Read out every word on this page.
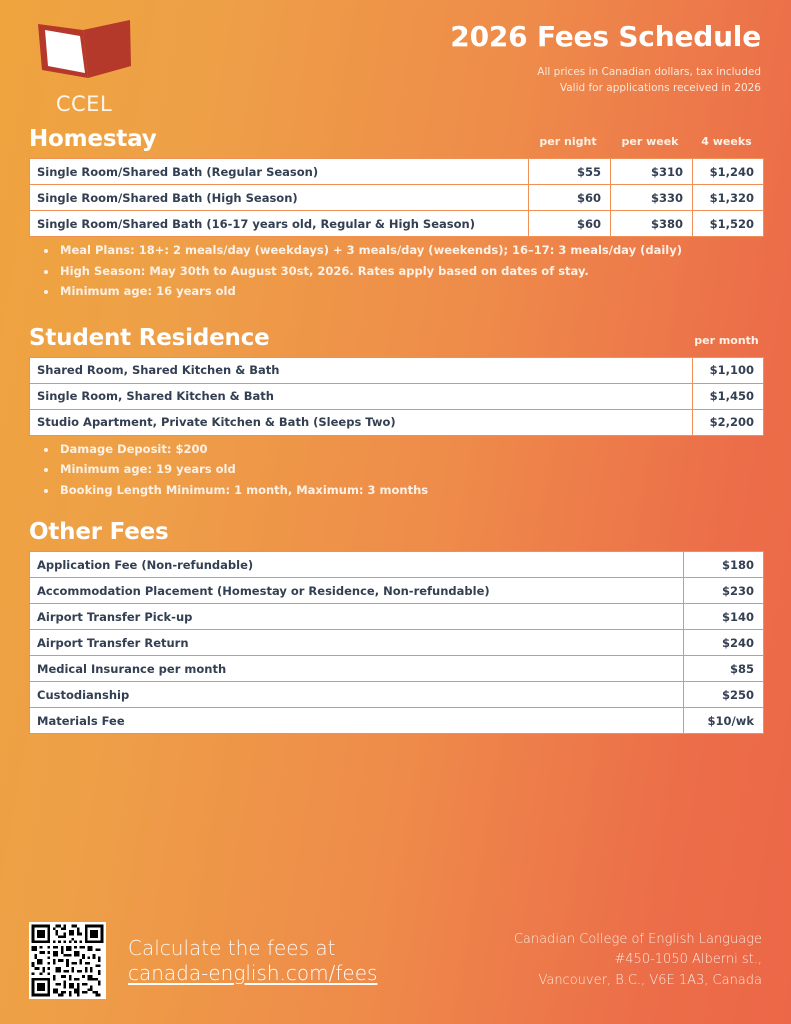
CCEL
2026 Fees Schedule
All prices in Canadian dollars, tax included
Valid for applications received in 2026
Homestay	per night	per week	4 weeks
Single Room/Shared Bath (Regular Season)	$55	$310	$1,240
Single Room/Shared Bath (High Season)	$60	$330	$1,320
Single Room/Shared Bath (16-17 years old, Regular & High Season)	$60	$380	$1,520
Meal Plans: 18+: 2 meals/day (weekdays) + 3 meals/day (weekends); 16–17: 3 meals/day (daily)
High Season: May 30th to August 30st, 2026. Rates apply based on dates of stay.
Minimum age: 16 years old
Student Residence	per month
Shared Room, Shared Kitchen & Bath	$1,100
Single Room, Shared Kitchen & Bath	$1,450
Studio Apartment, Private Kitchen & Bath (Sleeps Two)	$2,200
Damage Deposit: $200
Minimum age: 19 years old
Booking Length Minimum: 1 month, Maximum: 3 months
Other Fees
Application Fee (Non-refundable)	$180
Accommodation Placement (Homestay or Residence, Non-refundable)	$230
Airport Transfer Pick-up	$140
Airport Transfer Return	$240
Medical Insurance per month	$85
Custodianship	$250
Materials Fee	$10/wk
Calculate the fees at
canada-english.com/fees
Canadian College of English Language
#450-1050 Alberni st.,
Vancouver, B.C., V6E 1A3, Canada
